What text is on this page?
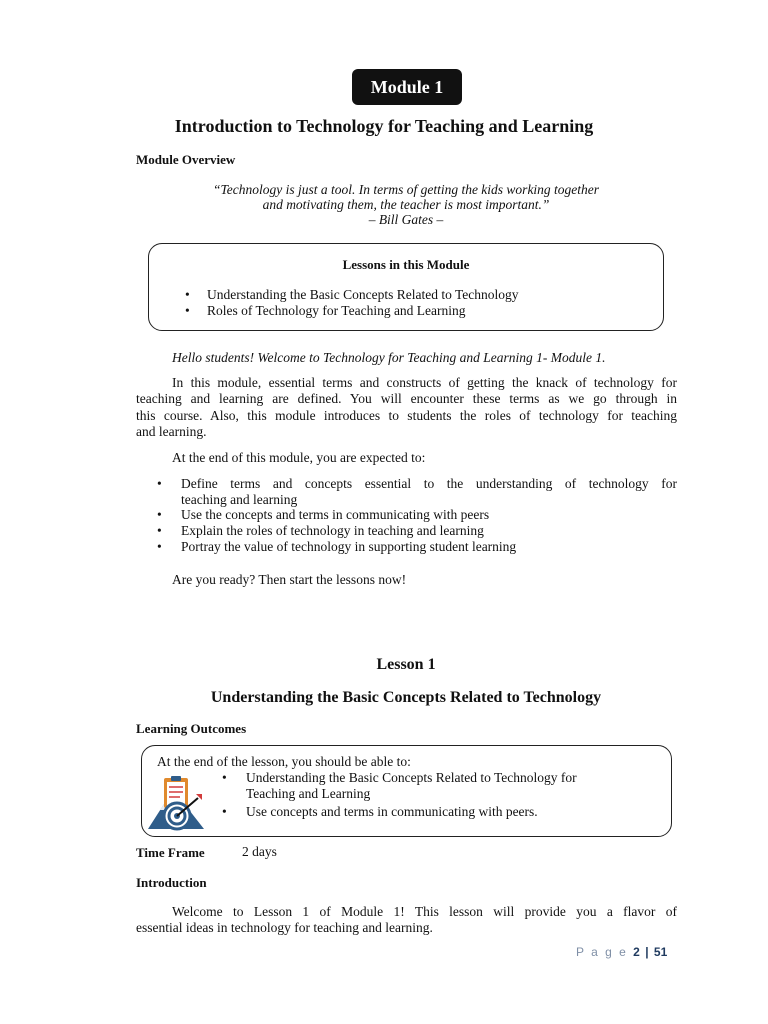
Module 1
Introduction to Technology for Teaching and Learning
Module Overview
“Technology is just a tool. In terms of getting the kids working together
and motivating them, the teacher is most important.”
– Bill Gates –
Lessons in this Module
• Understanding the Basic Concepts Related to Technology
• Roles of Technology for Teaching and Learning
Hello students! Welcome to Technology for Teaching and Learning 1- Module 1.
In this module, essential terms and constructs of getting the knack of technology for
teaching and learning are defined. You will encounter these terms as we go through in
this course. Also, this module introduces to students the roles of technology for teaching
and learning.
At the end of this module, you are expected to:
• Define terms and concepts essential to the understanding of technology for
teaching and learning
• Use the concepts and terms in communicating with peers
• Explain the roles of technology in teaching and learning
• Portray the value of technology in supporting student learning
Are you ready? Then start the lessons now!
Lesson 1
Understanding the Basic Concepts Related to Technology
Learning Outcomes
At the end of the lesson, you should be able to:
• Understanding the Basic Concepts Related to Technology for
Teaching and Learning
• Use concepts and terms in communicating with peers.
Time Frame	2 days
Introduction
Welcome to Lesson 1 of Module 1! This lesson will provide you a flavor of
essential ideas in technology for teaching and learning.
P a g e 2 | 51
